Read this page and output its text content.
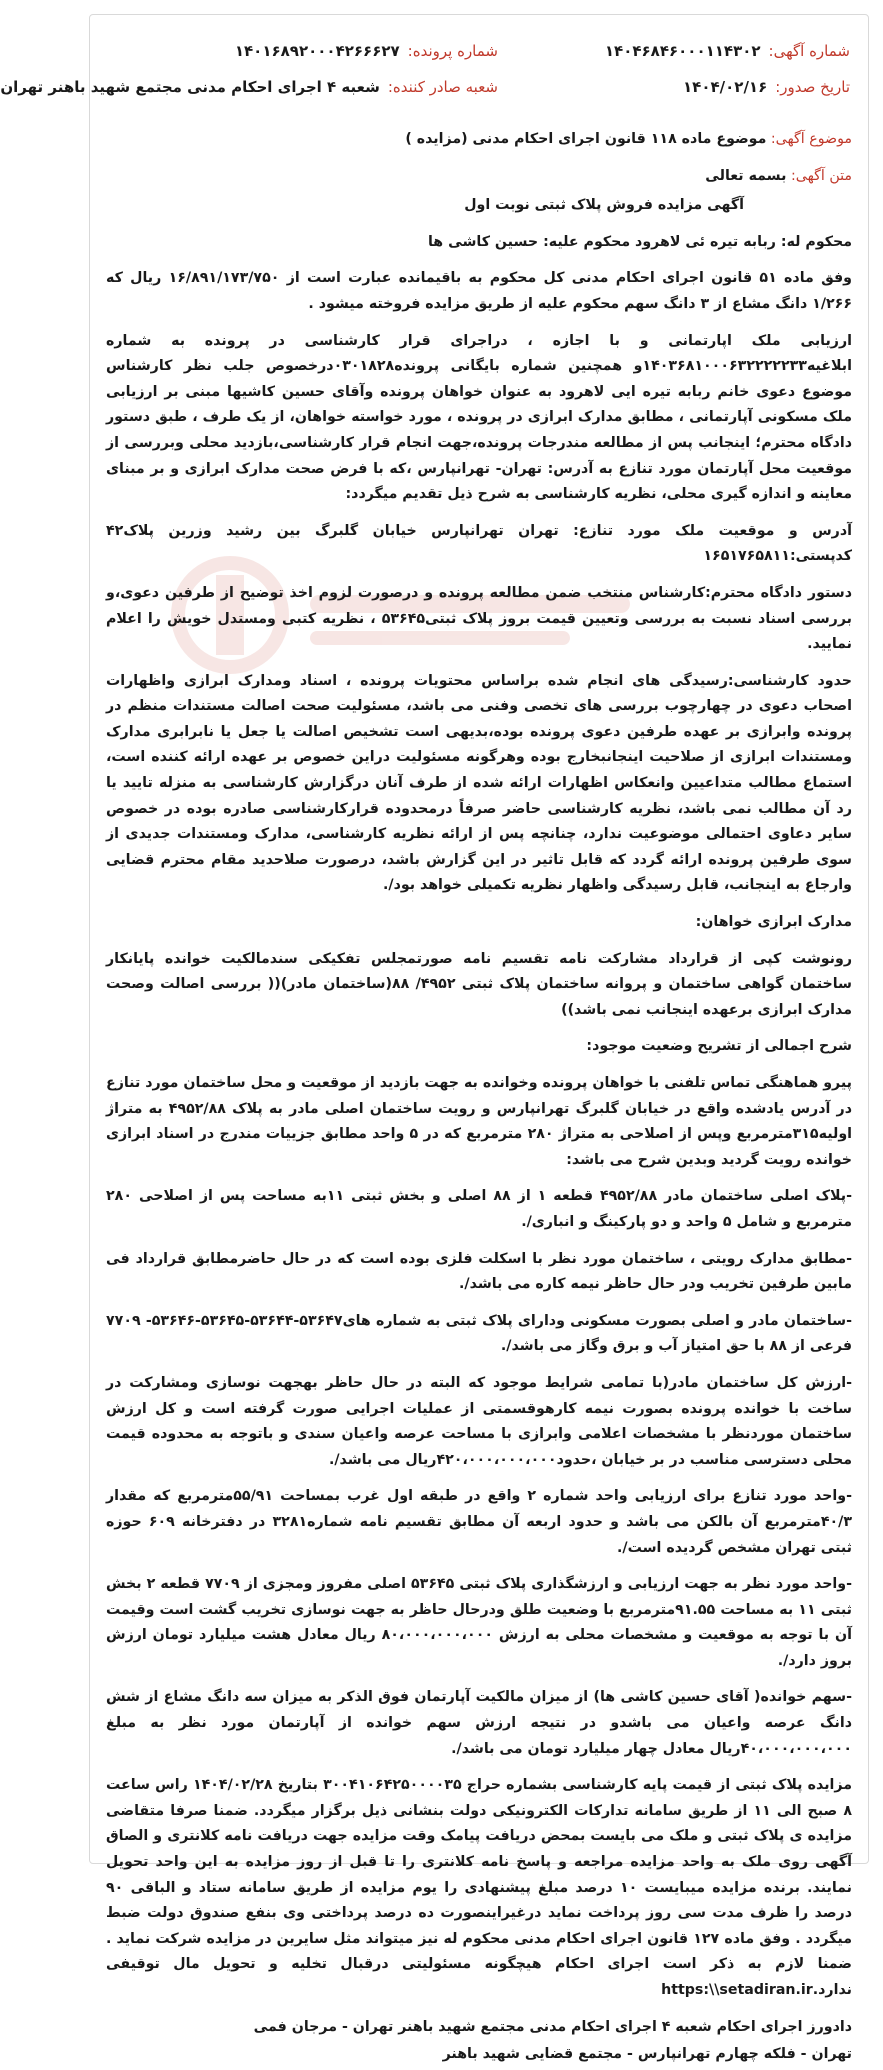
شماره آگهی:۱۴۰۴۶۸۴۶۰۰۰۱۱۴۳۰۲
شماره پرونده:۱۴۰۱۶۸۹۲۰۰۰۴۲۶۶۶۲۷
تاریخ صدور:۱۴۰۴/۰۲/۱۶
شعبه صادر کننده:شعبه ۴ اجرای احکام مدنی مجتمع شهید باهنر تهران

موضوع آگهی: موضوع ماده ۱۱۸ قانون اجرای احکام مدنی (مزایده )

متن آگهی: بسمه تعالی
آگهی مزایده فروش پلاک ثبتی نوبت اول

محکوم له: ربابه تیره ئی لاهرود محکوم علیه: حسین کاشی ها

وفق ماده ۵۱ قانون اجرای احکام مدنی کل محکوم به باقیمانده عبارت است از ۱۶/۸۹۱/۱۷۳/۷۵۰ ریال که ۱/۲۶۶ دانگ مشاع از ۳ دانگ سهم محکوم علیه از طریق مزایده فروخته میشود .

ارزیابی ملک اپارتمانی و با اجازه ، دراجرای قرار کارشناسی در پرونده به شماره ابلاغیه۱۴۰۳۶۸۱۰۰۰۶۳۲۲۲۲۲۳۳و همچنین شماره بایگانی پرونده۰۳۰۱۸۲۸درخصوص جلب نظر کارشناس موضوع دعوی خانم ربابه تیره ایی لاهرود به عنوان خواهان پرونده وآقای حسین کاشیها مبنی بر ارزیابی ملک مسکونی آپارتمانی ، مطابق مدارک ابرازی در پرونده ، مورد خواسته خواهان، از یک طرف ، طبق دستور دادگاه محترم؛ اینجانب پس از مطالعه مندرجات پرونده،جهت انجام قرار کارشناسی،بازدید محلی وبررسی از موقعیت محل آپارتمان مورد تنازع به آدرس: تهران- تهرانپارس ،که با فرض صحت مدارک ابرازی و بر مبنای معاینه و اندازه گیری محلی، نظریه کارشناسی به شرح ذیل تقدیم میگردد:

آدرس و موقعیت ملک مورد تنازع: تهران تهرانپارس خیابان گلبرگ بین رشید وزرین پلاک۴۲ کدپستی:۱۶۵۱۷۶۵۸۱۱

دستور دادگاه محترم:کارشناس منتخب ضمن مطالعه پرونده و درصورت لزوم اخذ توضیح از طرفین دعوی،و بررسی اسناد نسبت به بررسی وتعیین قیمت بروز پلاک ثبتی۵۳۶۴۵ ، نظریه کتبی ومستدل خویش را اعلام نمایید.

حدود کارشناسی:رسیدگی های انجام شده براساس محتویات پرونده ، اسناد ومدارک ابرازی واظهارات اصحاب دعوی در چهارچوب بررسی های تخصی وفنی می باشد، مسئولیت صحت اصالت مستندات منظم در پرونده وابرازی بر عهده طرفین دعوی پرونده بوده،بدیهی است تشخیص اصالت یا جعل یا نابرابری مدارک ومستندات ابرازی از صلاحیت اینجانبخارج بوده وهرگونه مسئولیت دراین خصوص بر عهده ارائه کننده است، استماع مطالب متداعیین وانعکاس اظهارات ارائه شده از طرف آنان درگزارش کارشناسی به منزله تایید یا رد آن مطالب نمی باشد، نظریه کارشناسی حاضر صرفاً درمحدوده قرارکارشناسی صادره بوده در خصوص سایر دعاوی احتمالی موضوعیت ندارد، چنانچه پس از ارائه نظریه کارشناسی، مدارک ومستندات جدیدی از سوی طرفین پرونده ارائه گردد که قابل تاثیر در این گزارش باشد، درصورت صلاحدید مقام محترم قضایی وارجاع به اینجانب، قابل رسیدگی واظهار نظریه تکمیلی خواهد بود/.

مدارک ابرازی خواهان:

رونوشت کپی از قرارداد مشارکت نامه تقسیم نامه صورتمجلس تفکیکی سندمالکیت خوانده پایانکار ساختمان گواهی ساختمان و پروانه ساختمان پلاک ثبتی ۴۹۵۲/ ۸۸(ساختمان مادر)(( بررسی اصالت وصحت مدارک ابرازی برعهده اینجانب نمی باشد))

شرح اجمالی از تشریح وضعیت موجود:

پیرو هماهنگی تماس تلفنی با خواهان پرونده وخوانده به جهت بازدید از موقعیت و محل ساختمان مورد تنازع در آدرس یادشده واقع در خیابان گلبرگ تهرانپارس و رویت ساختمان اصلی مادر به پلاک ۴۹۵۲/۸۸ به متراژ اولیه۳۱۵مترمربع وپس از اصلاحی به متراژ ۲۸۰ مترمربع که در ۵ واحد مطابق جزییات مندرج در اسناد ابرازی خوانده رویت گردید وبدین شرح می باشد:

-پلاک اصلی ساختمان مادر ۴۹۵۲/۸۸ قطعه ۱ از ۸۸ اصلی و بخش ثبتی ۱۱به مساحت پس از اصلاحی ۲۸۰ مترمربع و شامل ۵ واحد و دو پارکینگ و انباری/.

-مطابق مدارک رویتی ، ساختمان مورد نظر با اسکلت فلزی بوده است که در حال حاضرمطابق قرارداد فی مابین طرفین تخریب ودر حال حاظر نیمه کاره می باشد/.

-ساختمان مادر و اصلی بصورت مسکونی ودارای پلاک ثبتی به شماره های۵۳۶۴۷-۵۳۶۴۴-۵۳۶۴۵-۵۳۶۴۶- ۷۷۰۹ فرعی از ۸۸ با حق امتیاز آب و برق وگاز می باشد/.

-ارزش کل ساختمان مادر(با تمامی شرایط موجود که البته در حال حاظر بهجهت نوسازی ومشارکت در ساخت با خوانده پرونده بصورت نیمه کارهوقسمتی از عملیات اجرایی صورت گرفته است و کل ارزش ساختمان موردنظر با مشخصات اعلامی وابرازی با مساحت عرصه واعیان سندی و باتوجه به محدوده قیمت محلی دسترسی مناسب در بر خیابان ،حدود۴۲۰،۰۰۰،۰۰۰،۰۰۰ریال می باشد/.

-واحد مورد تنازع برای ارزیابی واحد شماره ۲ واقع در طبقه اول غرب بمساحت ۵۵/۹۱مترمربع که مقدار ۴۰/۳مترمربع آن بالکن می باشد و حدود اربعه آن مطابق تقسیم نامه شماره۳۲۸۱ در دفترخانه ۶۰۹ حوزه ثبتی تهران مشخص گردیده است/.

-واحد مورد نظر به جهت ارزیابی و ارزشگذاری پلاک ثبتی ۵۳۶۴۵ اصلی مفروز ومجزی از ۷۷۰۹ قطعه ۲ بخش ثبتی ۱۱ به مساحت ۹۱.۵۵مترمربع با وضعیت طلق ودرحال حاظر به جهت نوسازی تخریب گشت است وقیمت آن با توجه به موقعیت و مشخصات محلی به ارزش ۸۰،۰۰۰،۰۰۰،۰۰۰ ریال معادل هشت میلیارد تومان ارزش بروز دارد/.

-سهم خوانده( آقای حسین کاشی ها) از میزان مالکیت آپارتمان فوق الذکر به میزان سه دانگ مشاع از شش دانگ عرصه واعیان می باشدو در نتیجه ارزش سهم خوانده از آپارتمان مورد نظر به مبلغ ۴۰،۰۰۰،۰۰۰،۰۰۰ریال معادل چهار میلیارد تومان می باشد/.

مزایده پلاک ثبتی از قیمت پایه کارشناسی بشماره حراج ۳۰۰۴۱۰۶۴۲۵۰۰۰۰۳۵ بتاریخ ۱۴۰۴/۰۲/۲۸ راس ساعت ۸ صبح الی ۱۱ از طریق سامانه تدارکات الکترونیکی دولت بنشانی ذیل برگزار میگردد. ضمنا صرفا متقاضی مزایده ی پلاک ثبتی و ملک می بایست بمحض دریافت پیامک وقت مزایده جهت دریافت نامه کلانتری و الصاق آگهی روی ملک به واحد مزایده مراجعه و پاسخ نامه کلانتری را تا قبل از روز مزایده به این واحد تحویل نمایند. برنده مزایده میبایست ۱۰ درصد مبلغ پیشنهادی را یوم مزایده از طریق سامانه ستاد و الباقی ۹۰ درصد را ظرف مدت سی روز پرداخت نماید درغیراینصورت ده درصد پرداختی وی بنفع صندوق دولت ضبط میگردد . وفق ماده ۱۲۷ قانون اجرای احکام مدنی محکوم له نیز میتواند مثل سایرین در مزایده شرکت نماید . ضمنا لازم به ذکر است اجرای احکام هیچگونه مسئولیتی درقبال تخلیه و تحویل مال توقیفی ندارد.https:\\setadiran.ir

دادورز اجرای احکام شعبه ۴ اجرای احکام مدنی مجتمع شهید باهنر تهران - مرجان فمی

تهران - فلکه چهارم تهرانپارس - مجتمع قضایی شهید باهنر
